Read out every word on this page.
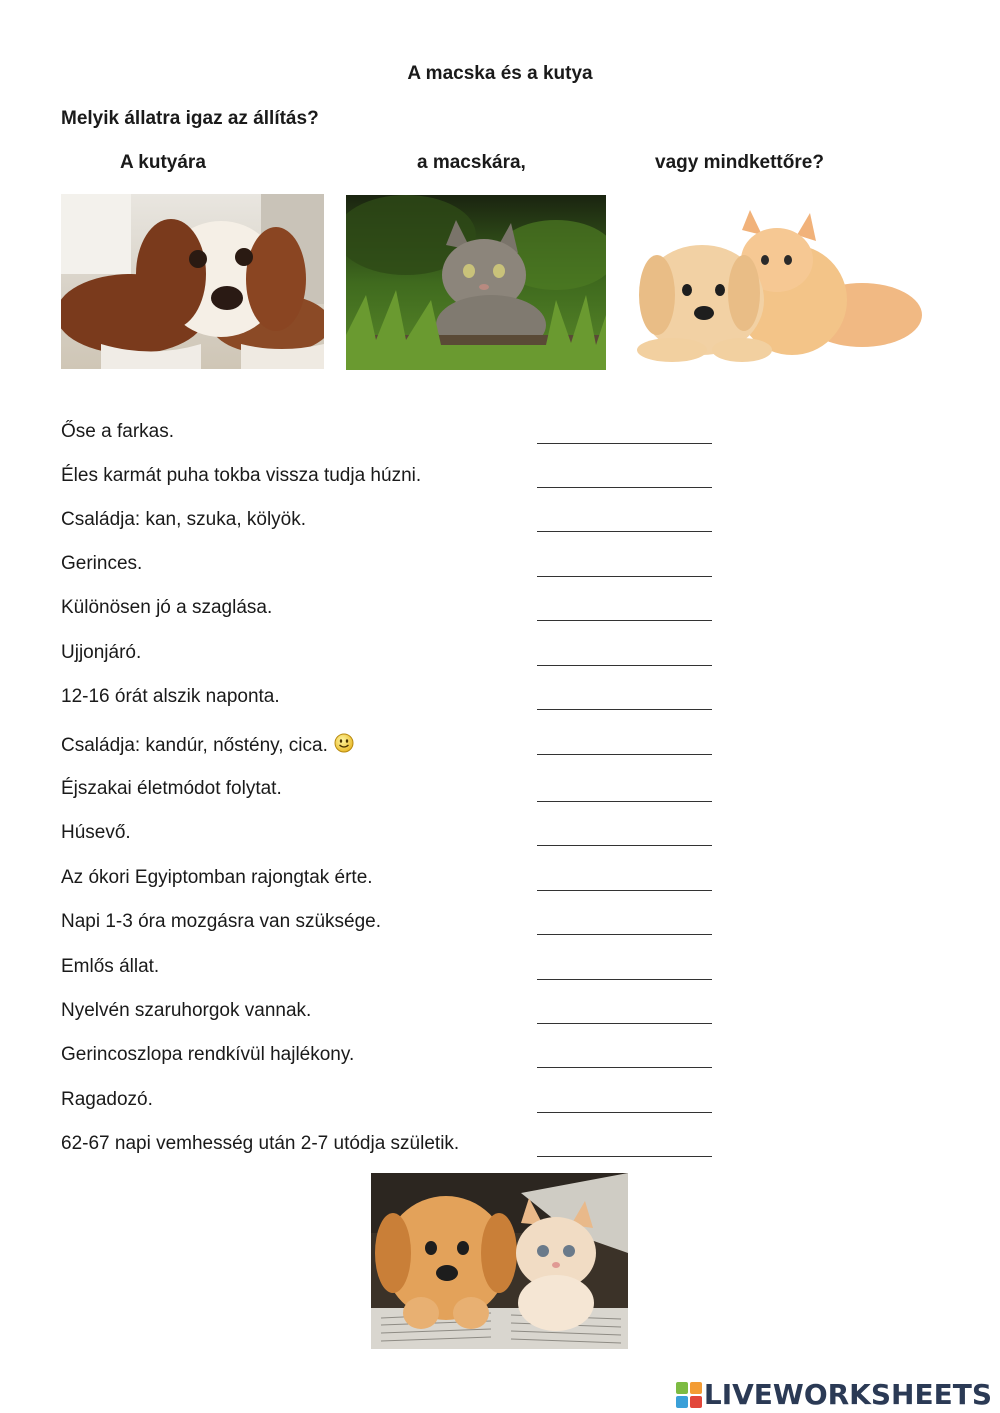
A macska és a kutya
Melyik állatra igaz az állítás?
A kutyára	a macskára,	vagy mindkettőre?
Őse a farkas.
Éles karmát puha tokba vissza tudja húzni.
Családja: kan, szuka, kölyök.
Gerinces.
Különösen jó a szaglása.
Ujjonjáró.
12-16 órát alszik naponta.
Családja: kandúr, nőstény, cica.
Éjszakai életmódot folytat.
Húsevő.
Az ókori Egyiptomban rajongtak érte.
Napi 1-3 óra mozgásra van szüksége.
Emlős állat.
Nyelvén szaruhorgok vannak.
Gerincoszlopa rendkívül hajlékony.
Ragadozó.
62-67 napi vemhesség után 2-7 utódja születik.
LIVEWORKSHEETS
